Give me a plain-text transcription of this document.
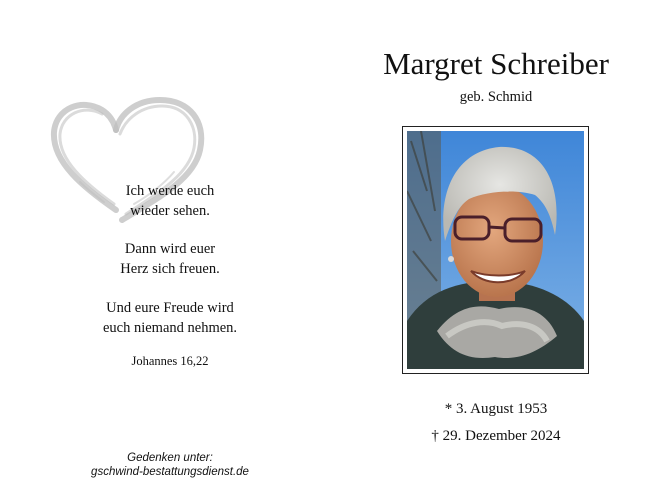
Ich werde euch
wieder sehen.
Dann wird euer
Herz sich freuen.
Und eure Freude wird
euch niemand nehmen.
Johannes 16,22
Gedenken unter:
gschwind-bestattungsdienst.de
Margret Schreiber
geb. Schmid
* 3. August 1953
† 29. Dezember 2024
